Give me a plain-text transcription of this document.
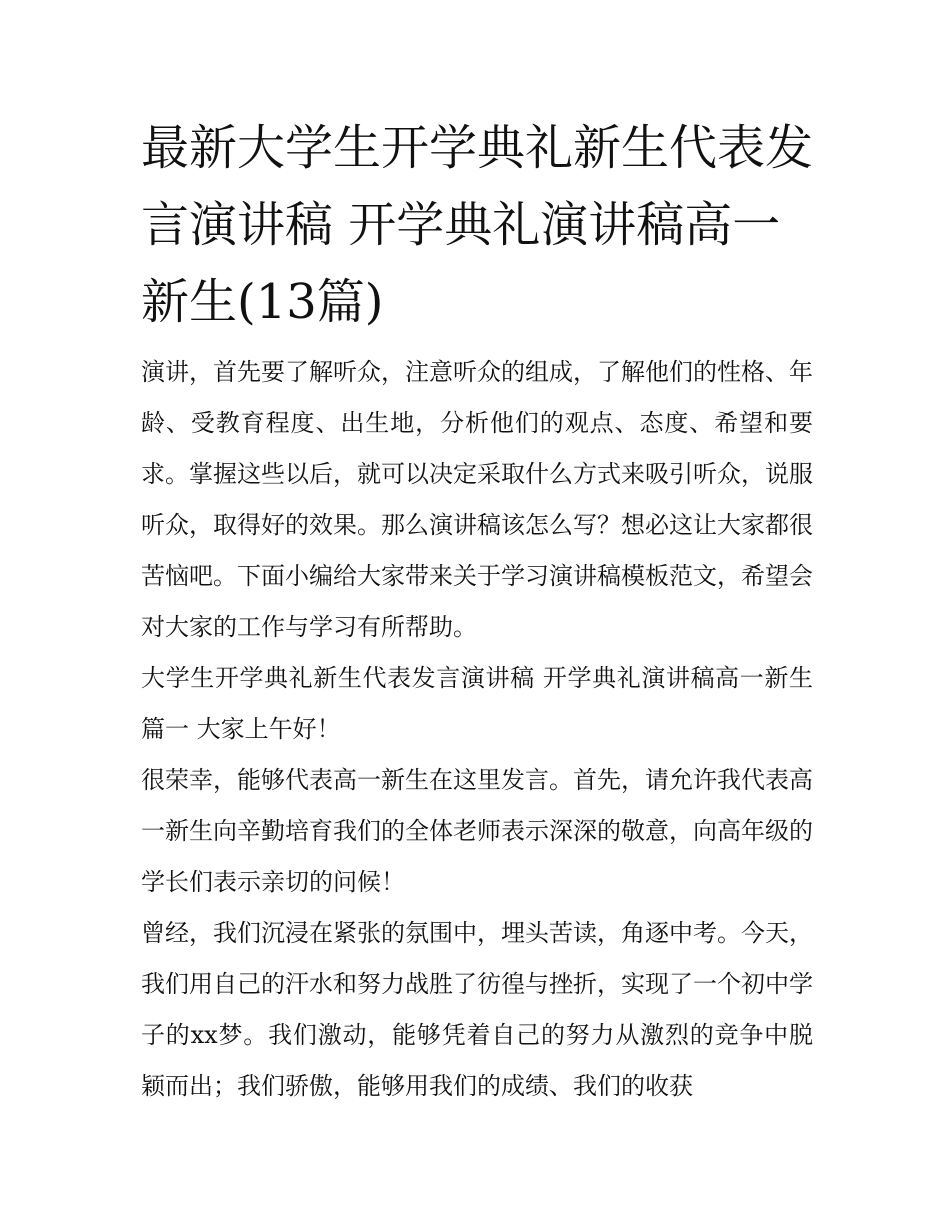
最新大学生开学典礼新生代表发言演讲稿 开学典礼演讲稿高一新生(13篇)

演讲，首先要了解听众，注意听众的组成，了解他们的性格、年龄、受教育程度、出生地，分析他们的观点、态度、希望和要求。掌握这些以后，就可以决定采取什么方式来吸引听众，说服听众，取得好的效果。那么演讲稿该怎么写？想必这让大家都很苦恼吧。下面小编给大家带来关于学习演讲稿模板范文，希望会对大家的工作与学习有所帮助。

大学生开学典礼新生代表发言演讲稿 开学典礼演讲稿高一新生篇一 大家上午好！

很荣幸，能够代表高一新生在这里发言。首先，请允许我代表高一新生向辛勤培育我们的全体老师表示深深的敬意，向高年级的学长们表示亲切的问候！

曾经，我们沉浸在紧张的氛围中，埋头苦读，角逐中考。今天，我们用自己的汗水和努力战胜了彷徨与挫折，实现了一个初中学子的xx梦。我们激动，能够凭着自己的努力从激烈的竞争中脱颖而出；我们骄傲，能够用我们的成绩、我们的收获
